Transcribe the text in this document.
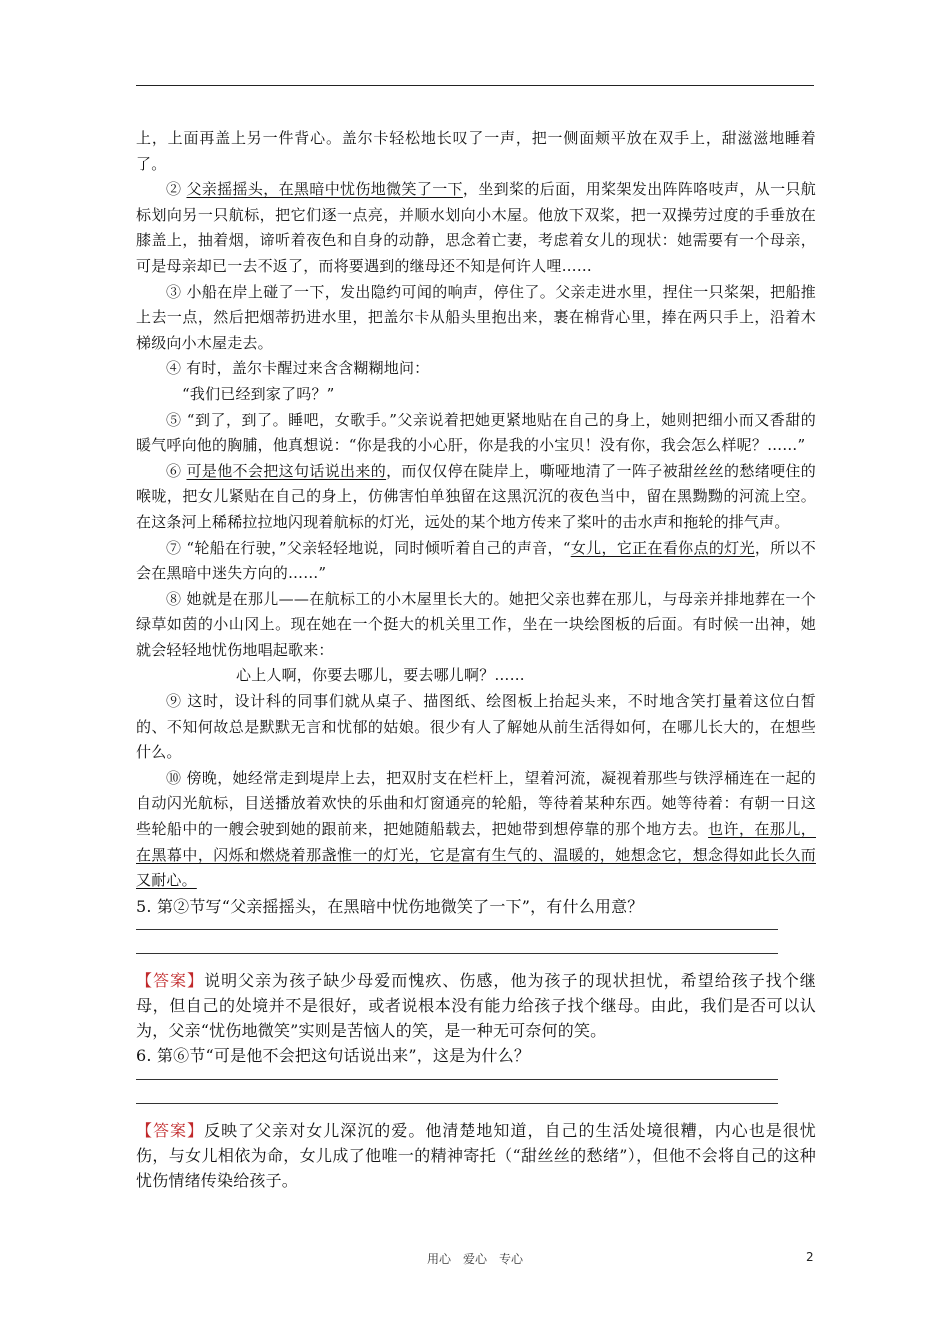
上，上面再盖上另一件背心。盖尔卡轻松地长叹了一声，把一侧面颊平放在双手上，甜滋滋地睡着了。

② 父亲摇摇头，在黑暗中忧伤地微笑了一下，坐到桨的后面，用桨架发出阵阵咯吱声，从一只航标划向另一只航标，把它们逐一点亮，并顺水划向小木屋。他放下双桨，把一双操劳过度的手垂放在膝盖上，抽着烟，谛听着夜色和自身的动静，思念着亡妻，考虑着女儿的现状：她需要有一个母亲，可是母亲却已一去不返了，而将要遇到的继母还不知是何许人哩……

③ 小船在岸上碰了一下，发出隐约可闻的响声，停住了。父亲走进水里，捏住一只桨架，把船推上去一点，然后把烟蒂扔进水里，把盖尔卡从船头里抱出来，裹在棉背心里，捧在两只手上，沿着木梯级向小木屋走去。

④ 有时，盖尔卡醒过来含含糊糊地问：

“我们已经到家了吗？”

⑤ “到了，到了。睡吧，女歌手。”父亲说着把她更紧地贴在自己的身上，她则把细小而又香甜的暖气呼向他的胸脯，他真想说：“你是我的小心肝，你是我的小宝贝！没有你，我会怎么样呢？……”

⑥ 可是他不会把这句话说出来的，而仅仅停在陡岸上，嘶哑地清了一阵子被甜丝丝的愁绪哽住的喉咙，把女儿紧贴在自己的身上，仿佛害怕单独留在这黑沉沉的夜色当中，留在黑黝黝的河流上空。在这条河上稀稀拉拉地闪现着航标的灯光，远处的某个地方传来了桨叶的击水声和拖轮的排气声。

⑦ “轮船在行驶，”父亲轻轻地说，同时倾听着自己的声音，“女儿，它正在看你点的灯光，所以不会在黑暗中迷失方向的……”

⑧ 她就是在那儿——在航标工的小木屋里长大的。她把父亲也葬在那儿，与母亲并排地葬在一个绿草如茵的小山冈上。现在她在一个挺大的机关里工作，坐在一块绘图板的后面。有时候一出神，她就会轻轻地忧伤地唱起歌来：

心上人啊，你要去哪儿，要去哪儿啊？……

⑨ 这时，设计科的同事们就从桌子、描图纸、绘图板上抬起头来，不时地含笑打量着这位白皙的、不知何故总是默默无言和忧郁的姑娘。很少有人了解她从前生活得如何，在哪儿长大的，在想些什么。

⑩ 傍晚，她经常走到堤岸上去，把双肘支在栏杆上，望着河流，凝视着那些与铁浮桶连在一起的自动闪光航标，目送播放着欢快的乐曲和灯窗通亮的轮船，等待着某种东西。她等待着：有朝一日这些轮船中的一艘会驶到她的跟前来，把她随船载去，把她带到想停靠的那个地方去。也许，在那儿，在黑幕中，闪烁和燃烧着那盏惟一的灯光，它是富有生气的、温暖的，她想念它，想念得如此长久而又耐心。

5. 第②节写“父亲摇摇头，在黑暗中忧伤地微笑了一下”，有什么用意？

【答案】说明父亲为孩子缺少母爱而愧疚、伤感，他为孩子的现状担忧，希望给孩子找个继母，但自己的处境并不是很好，或者说根本没有能力给孩子找个继母。由此，我们是否可以认为，父亲“忧伤地微笑”实则是苦恼人的笑，是一种无可奈何的笑。

6. 第⑥节“可是他不会把这句话说出来”，这是为什么？

【答案】反映了父亲对女儿深沉的爱。他清楚地知道，自己的生活处境很糟，内心也是很忧伤，与女儿相依为命，女儿成了他唯一的精神寄托（“甜丝丝的愁绪”），但他不会将自己的这种忧伤情绪传染给孩子。

用心 爱心 专心	2
